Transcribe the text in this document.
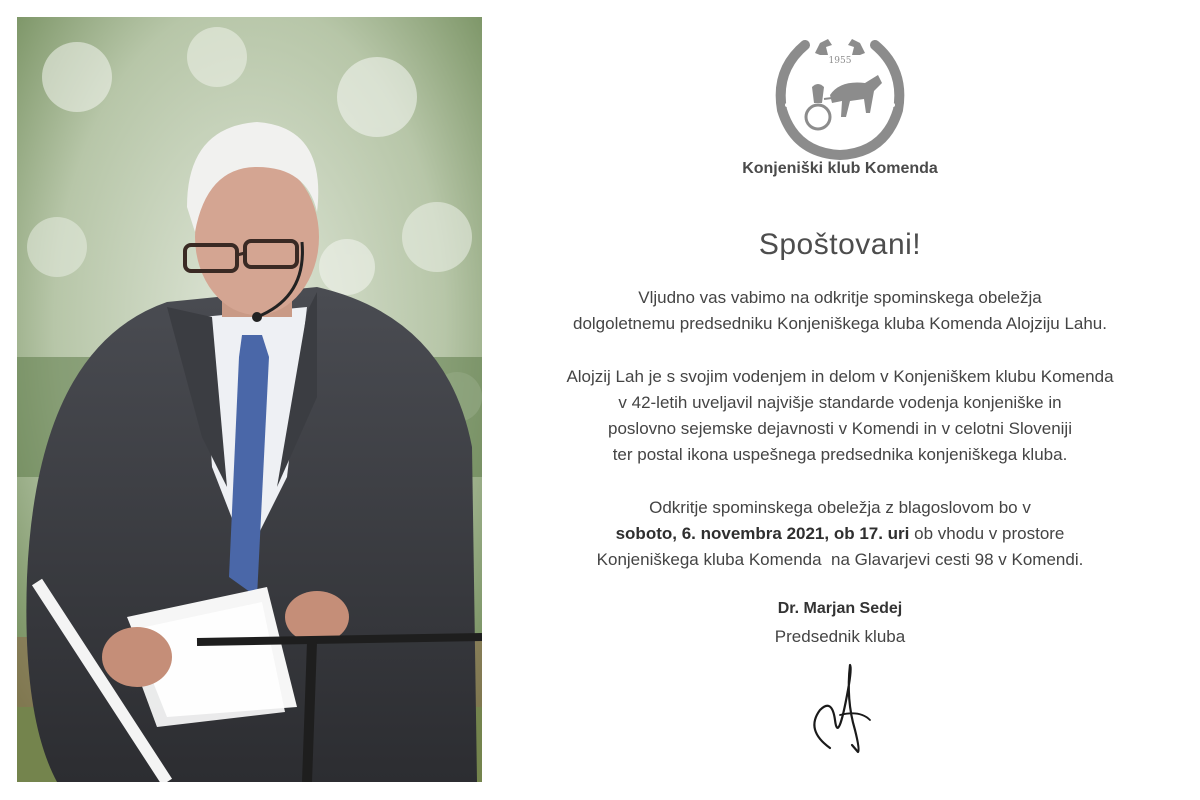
1955
Konjeniški klub Komenda
Spoštovani!
Vljudno vas vabimo na odkritje spominskega obeležja
dolgoletnemu predsedniku Konjeniškega kluba Komenda Alojziju Lahu.
Alojzij Lah je s svojim vodenjem in delom v Konjeniškem klubu Komenda
v 42-letih uveljavil najvišje standarde vodenja konjeniške in
poslovno sejemske dejavnosti v Komendi in v celotni Sloveniji
ter postal ikona uspešnega predsednika konjeniškega kluba.
Odkritje spominskega obeležja z blagoslovom bo v
soboto, 6. novembra 2021, ob 17. uri ob vhodu v prostore
Konjeniškega kluba Komenda  na Glavarjevi cesti 98 v Komendi.
Dr. Marjan Sedej
Predsednik kluba
